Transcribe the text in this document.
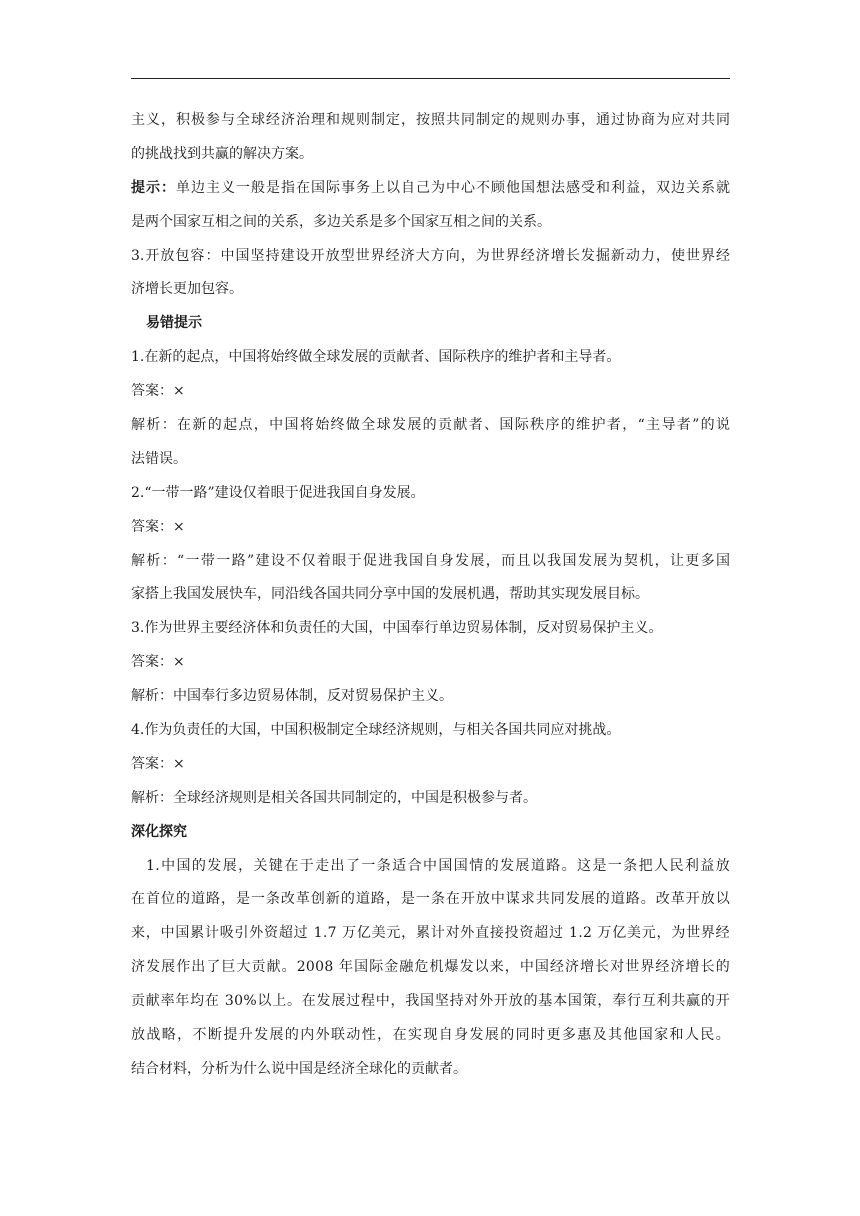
主义，积极参与全球经济治理和规则制定，按照共同制定的规则办事，通过协商为应对共同
的挑战找到共赢的解决方案。
提示：单边主义一般是指在国际事务上以自己为中心不顾他国想法感受和利益，双边关系就
是两个国家互相之间的关系，多边关系是多个国家互相之间的关系。
3.开放包容：中国坚持建设开放型世界经济大方向，为世界经济增长发掘新动力，使世界经
济增长更加包容。
易错提示
1.在新的起点，中国将始终做全球发展的贡献者、国际秩序的维护者和主导者。
答案：×
解析：在新的起点，中国将始终做全球发展的贡献者、国际秩序的维护者，“主导者”的说
法错误。
2.“一带一路”建设仅着眼于促进我国自身发展。
答案：×
解析：“一带一路”建设不仅着眼于促进我国自身发展，而且以我国发展为契机，让更多国
家搭上我国发展快车，同沿线各国共同分享中国的发展机遇，帮助其实现发展目标。
3.作为世界主要经济体和负责任的大国，中国奉行单边贸易体制，反对贸易保护主义。
答案：×
解析：中国奉行多边贸易体制，反对贸易保护主义。
4.作为负责任的大国，中国积极制定全球经济规则，与相关各国共同应对挑战。
答案：×
解析：全球经济规则是相关各国共同制定的，中国是积极参与者。
深化探究
1.中国的发展，关键在于走出了一条适合中国国情的发展道路。这是一条把人民利益放
在首位的道路，是一条改革创新的道路，是一条在开放中谋求共同发展的道路。改革开放以
来，中国累计吸引外资超过 1.7 万亿美元，累计对外直接投资超过 1.2 万亿美元，为世界经
济发展作出了巨大贡献。2008 年国际金融危机爆发以来，中国经济增长对世界经济增长的
贡献率年均在 30%以上。在发展过程中，我国坚持对外开放的基本国策，奉行互利共赢的开
放战略，不断提升发展的内外联动性，在实现自身发展的同时更多惠及其他国家和人民。
结合材料，分析为什么说中国是经济全球化的贡献者。
